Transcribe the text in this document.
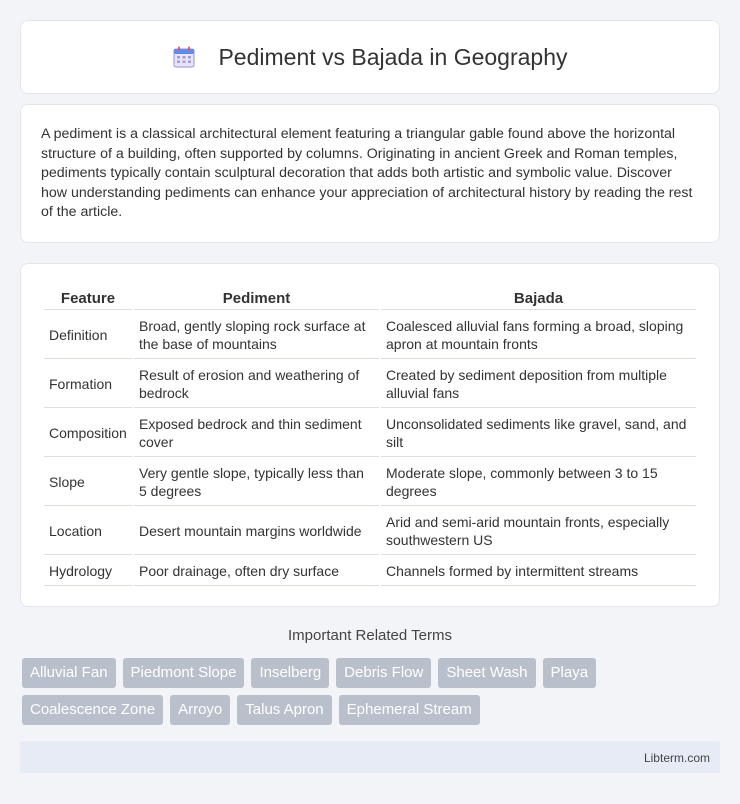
Pediment vs Bajada in Geography

A pediment is a classical architectural element featuring a triangular gable found above the horizontal structure of a building, often supported by columns. Originating in ancient Greek and Roman temples, pediments typically contain sculptural decoration that adds both artistic and symbolic value. Discover how understanding pediments can enhance your appreciation of architectural history by reading the rest of the article.

Feature	Pediment	Bajada
Definition	Broad, gently sloping rock surface at the base of mountains	Coalesced alluvial fans forming a broad, sloping apron at mountain fronts
Formation	Result of erosion and weathering of bedrock	Created by sediment deposition from multiple alluvial fans
Composition	Exposed bedrock and thin sediment cover	Unconsolidated sediments like gravel, sand, and silt
Slope	Very gentle slope, typically less than 5 degrees	Moderate slope, commonly between 3 to 15 degrees
Location	Desert mountain margins worldwide	Arid and semi-arid mountain fronts, especially southwestern US
Hydrology	Poor drainage, often dry surface	Channels formed by intermittent streams
Important Related Terms
Alluvial Fan	Piedmont Slope	Inselberg	Debris Flow	Sheet Wash	Playa
Coalescence Zone	Arroyo	Talus Apron	Ephemeral Stream
Libterm.com
